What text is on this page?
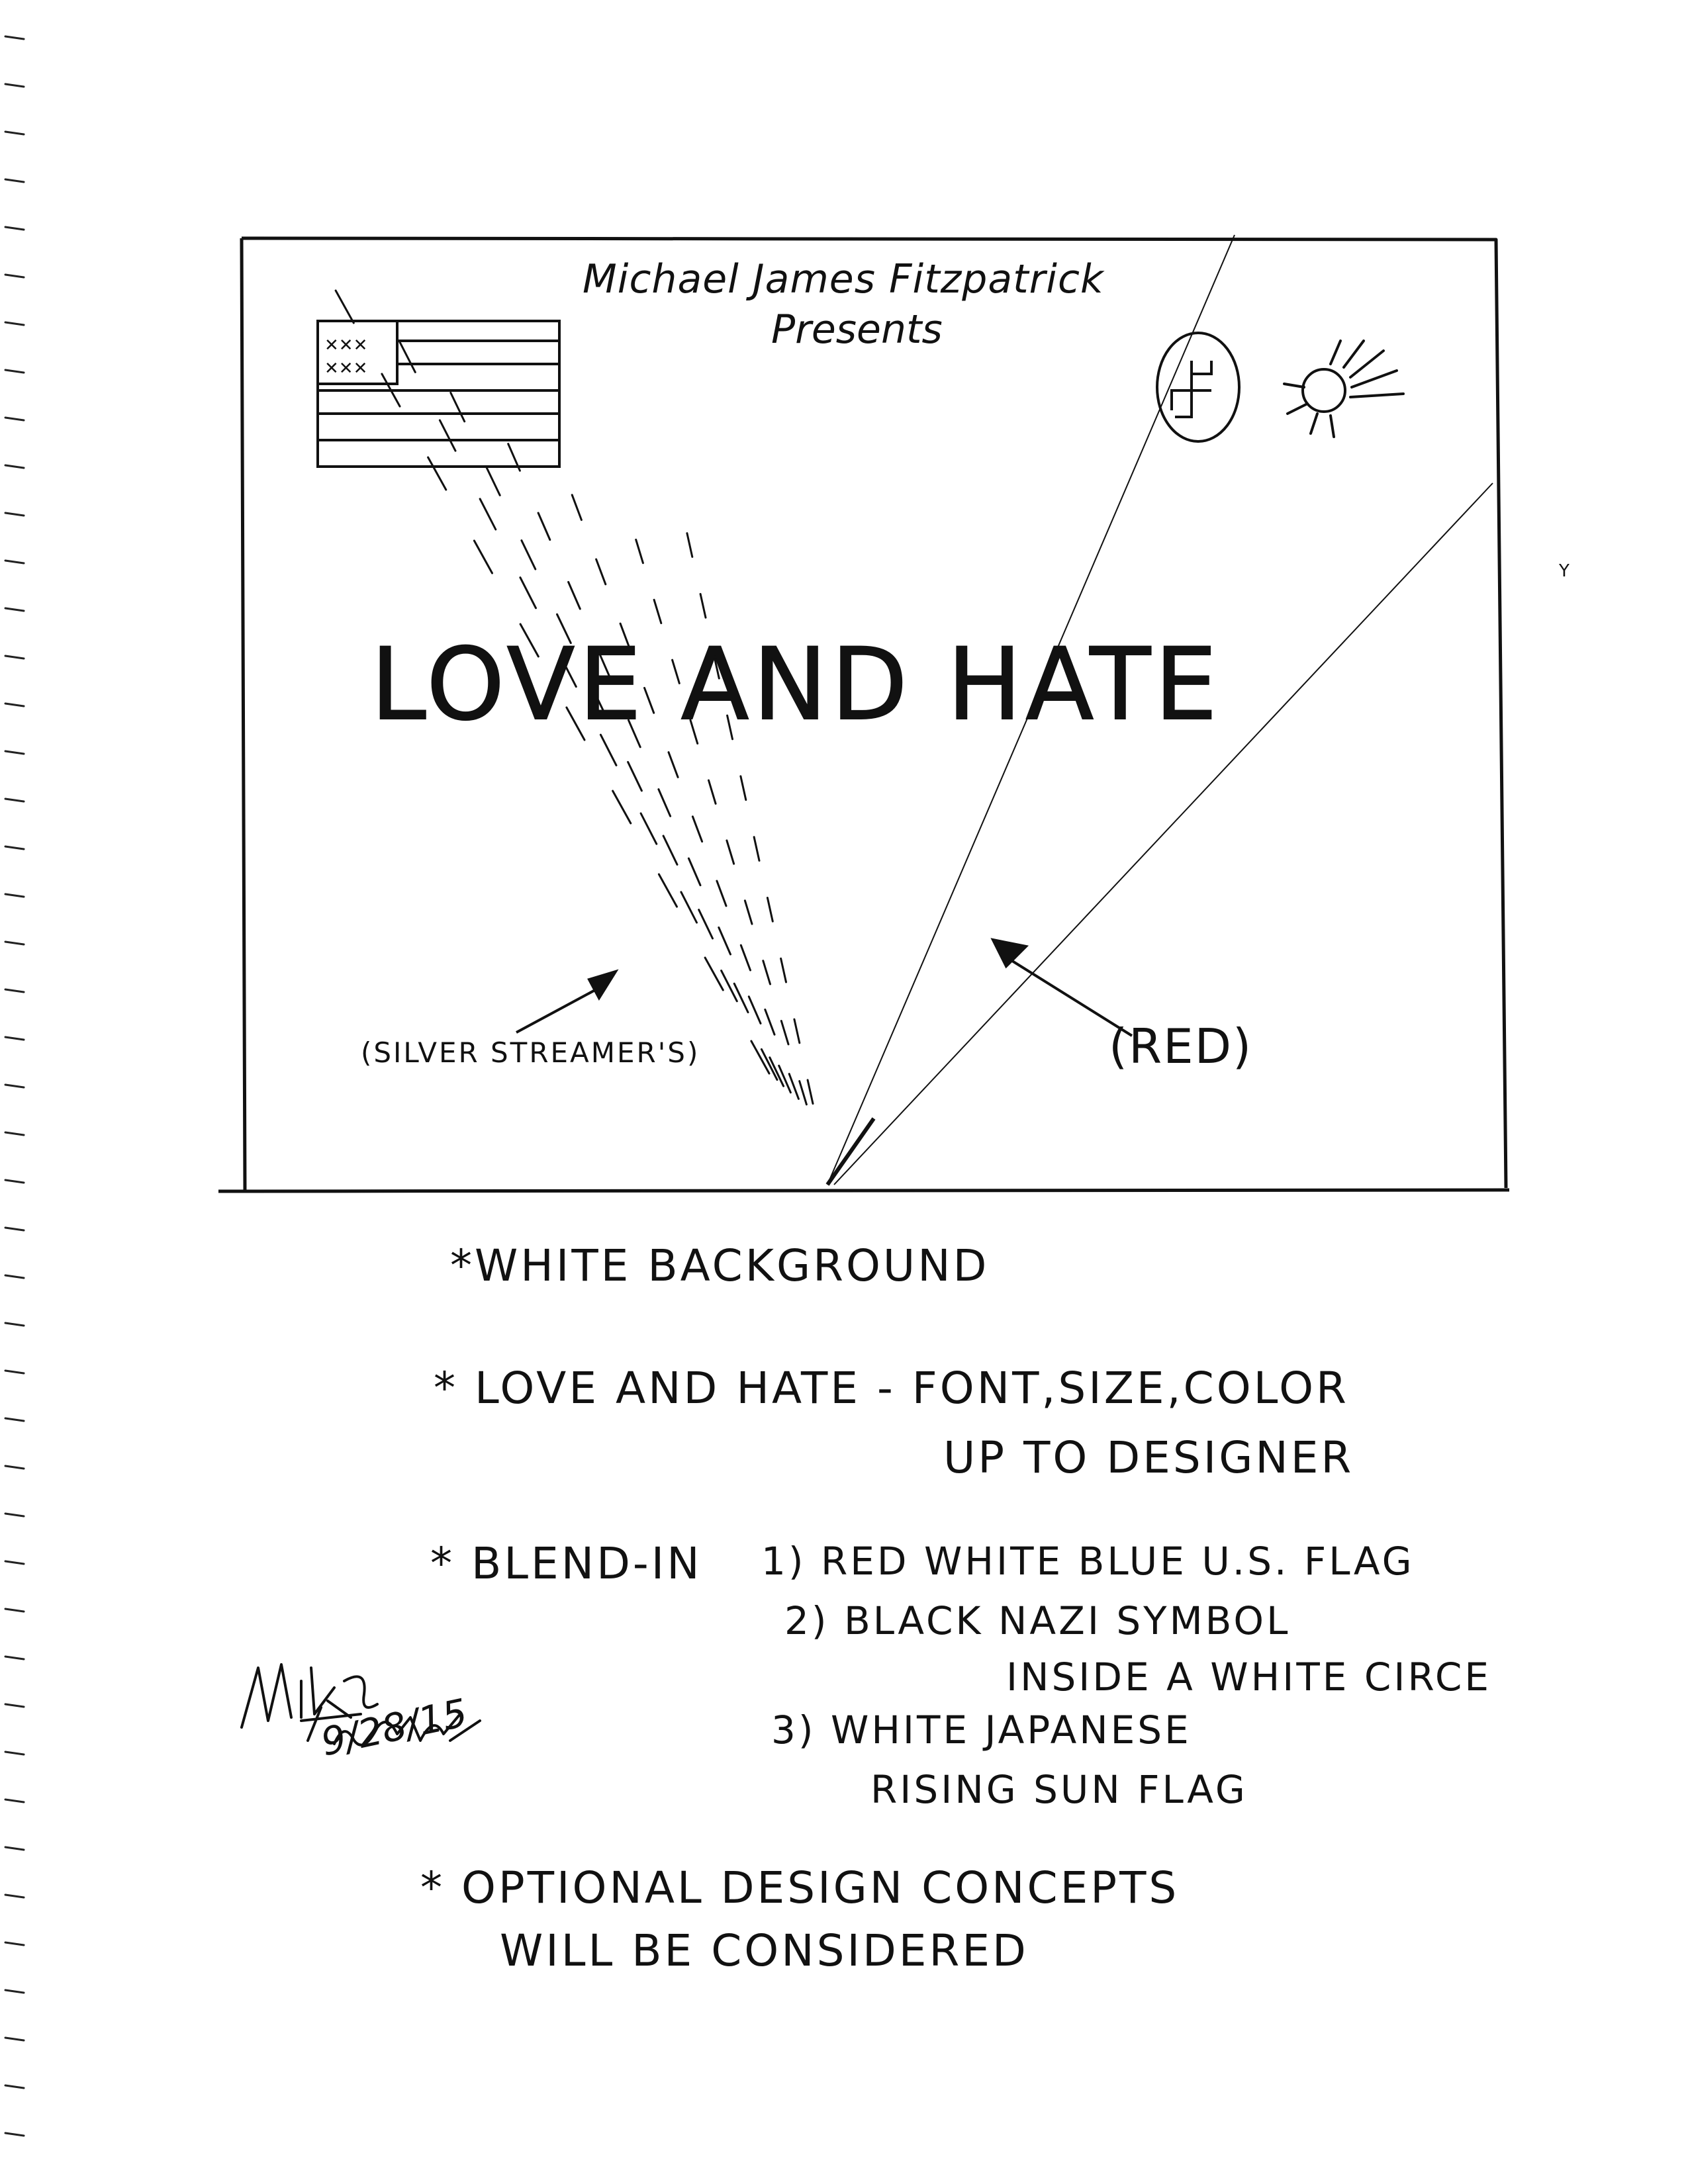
✕✕✕
✕✕✕
Michael James Fitzpatrick
Presents
LOVE AND HATE
(SILVER STREAMER'S)	(RED)
*WHITE BACKGROUND
* LOVE AND HATE - FONT,SIZE,COLOR
UP TO DESIGNER
* BLEND-IN 1) RED WHITE BLUE U.S. FLAG
2) BLACK NAZI SYMBOL
INSIDE A WHITE CIRCE
3) WHITE JAPANESE
RISING SUN FLAG
* OPTIONAL DESIGN CONCEPTS
WILL BE CONSIDERED
9/28/15
Y
